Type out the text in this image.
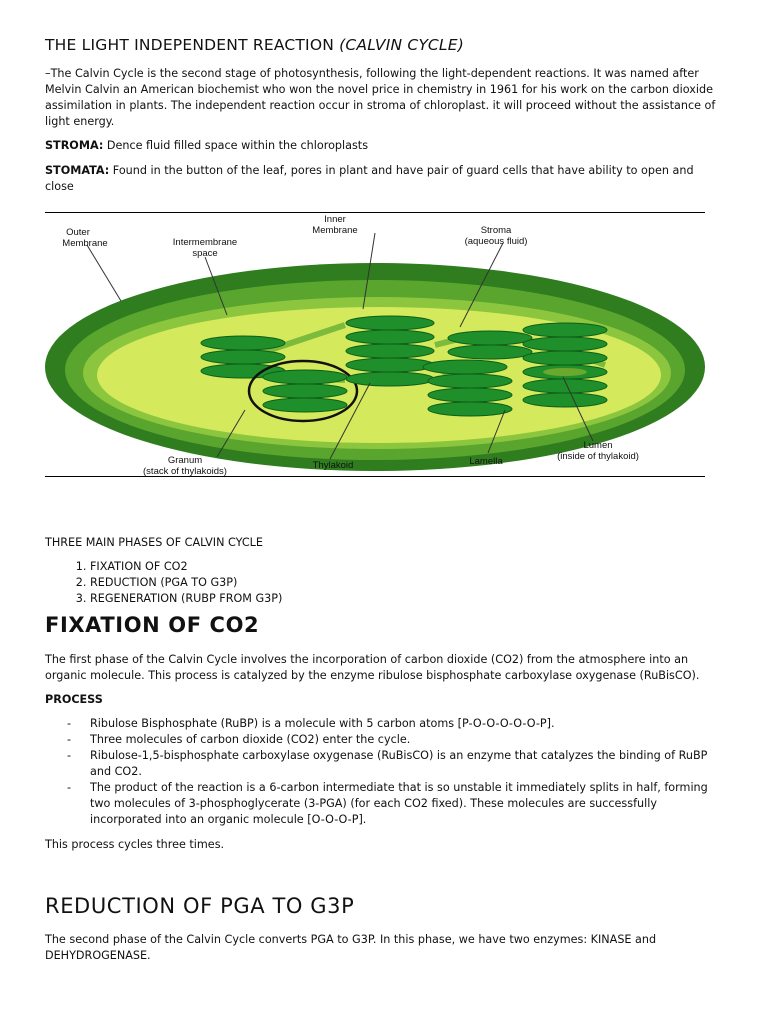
THE LIGHT INDEPENDENT REACTION (CALVIN CYCLE)

–The Calvin Cycle is the second stage of photosynthesis, following the light-dependent reactions. It was named after Melvin Calvin an American biochemist who won the novel price in chemistry in 1961 for his work on the carbon dioxide assimilation in plants. The independent reaction occur in stroma of chloroplast. it will proceed without the assistance of light energy.

STROMA: Dence fluid filled space within the chloroplasts

STOMATA: Found in the button of the leaf, pores in plant and have pair of guard cells that have ability to open and close

Outer
Membrane	Intermembrane
space
Inner
Membrane	Stroma
(aqueous fluid)
Granum
(stack of thylakoids)
Thylakoid	Lamella
Lumen
(inside of thylakoid)

THREE MAIN PHASES OF CALVIN CYCLE

1. FIXATION OF CO2
2. REDUCTION (PGA TO G3P)
3. REGENERATION (RUBP FROM G3P)
FIXATION OF CO2

The first phase of the Calvin Cycle involves the incorporation of carbon dioxide (CO2) from the atmosphere into an organic molecule. This process is catalyzed by the enzyme ribulose bisphosphate carboxylase oxygenase (RuBisCO).

PROCESS

- Ribulose Bisphosphate (RuBP) is a molecule with 5 carbon atoms [P-O-O-O-O-O-P].
- Three molecules of carbon dioxide (CO2) enter the cycle.
- Ribulose-1,5-bisphosphate carboxylase oxygenase (RuBisCO) is an enzyme that catalyzes the binding of RuBP and CO2.
- The product of the reaction is a 6-carbon intermediate that is so unstable it immediately splits in half, forming two molecules of 3-phosphoglycerate (3-PGA) (for each CO2 fixed). These molecules are successfully incorporated into an organic molecule [O-O-O-P].

This process cycles three times.

REDUCTION OF PGA TO G3P

The second phase of the Calvin Cycle converts PGA to G3P. In this phase, we have two enzymes: KINASE and DEHYDROGENASE.
